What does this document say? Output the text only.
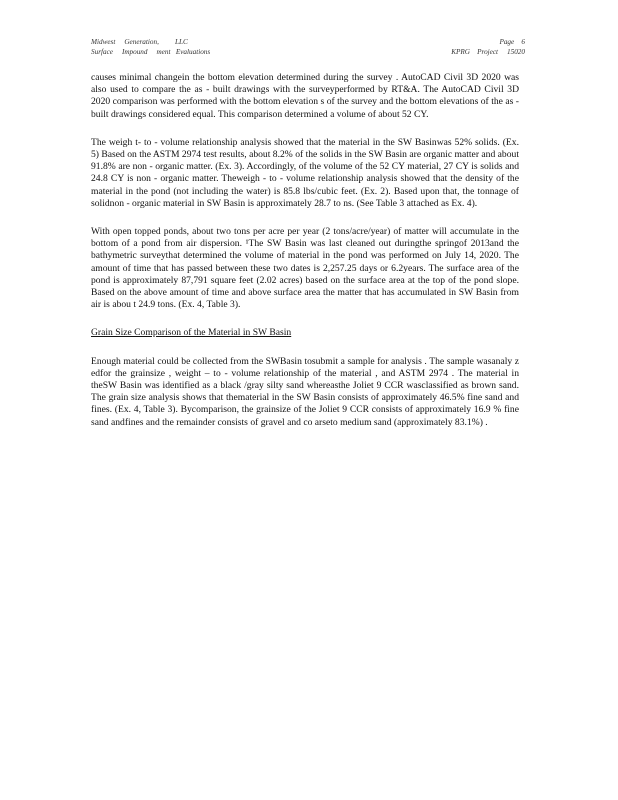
Midwest     Generation,         LLC
Surface     Impound     ment   Evaluations
Page    6
KPRG    Project     15020

causes minimal changein the bottom elevation determined during the survey . AutoCAD Civil 3D 2020 was also used to compare the as - built drawings with the surveyperformed by RT&A. The AutoCAD Civil 3D 2020 comparison was performed with the bottom elevation s of the survey and the bottom elevations of the as - built drawings considered equal. This comparison determined a volume of about 52 CY.

The weigh t- to - volume relationship analysis showed that the material in the SW Basinwas 52% solids. (Ex. 5) Based on the ASTM 2974 test results, about 8.2% of the solids in the SW Basin are organic matter and about 91.8% are non - organic matter. (Ex. 3). Accordingly, of the volume of the 52 CY material, 27 CY is solids and 24.8 CY is non - organic matter. Theweigh - to - volume relationship analysis showed that the density of the material in the pond (not including the water) is 85.8 lbs/cubic feet. (Ex. 2). Based upon that, the tonnage of solidnon - organic material in SW Basin is approximately 28.7 to ns. (See Table 3 attached as Ex. 4).

With open topped ponds, about two tons per acre per year (2 tons/acre/year) of matter will accumulate in the bottom of a pond from air dispersion. ¹The SW Basin was last cleaned out duringthe springof 2013and the bathymetric surveythat determined the volume of material in the pond was performed on July 14, 2020. The amount of time that has passed between these two dates is 2,257.25 days or 6.2years. The surface area of the pond is approximately 87,791 square feet (2.02 acres) based on the surface area at the top of the pond slope. Based on the above amount of time and above surface area the matter that has accumulated in SW Basin from air is abou t 24.9 tons. (Ex. 4, Table 3).

Grain Size Comparison of the Material in SW Basin

Enough material could be collected from the SWBasin tosubmit a sample for analysis . The sample wasanaly z edfor the grainsize , weight – to - volume relationship of the material , and ASTM 2974 . The material in theSW Basin was identified as a black /gray silty sand whereasthe Joliet 9 CCR wasclassified as brown sand. The grain size analysis shows that thematerial in the SW Basin consists of approximately 46.5% fine sand and fines. (Ex. 4, Table 3). Bycomparison, the grainsize of the Joliet 9 CCR consists of approximately 16.9 % fine sand andfines and the remainder consists of gravel and co arseto medium sand (approximately 83.1%) .
